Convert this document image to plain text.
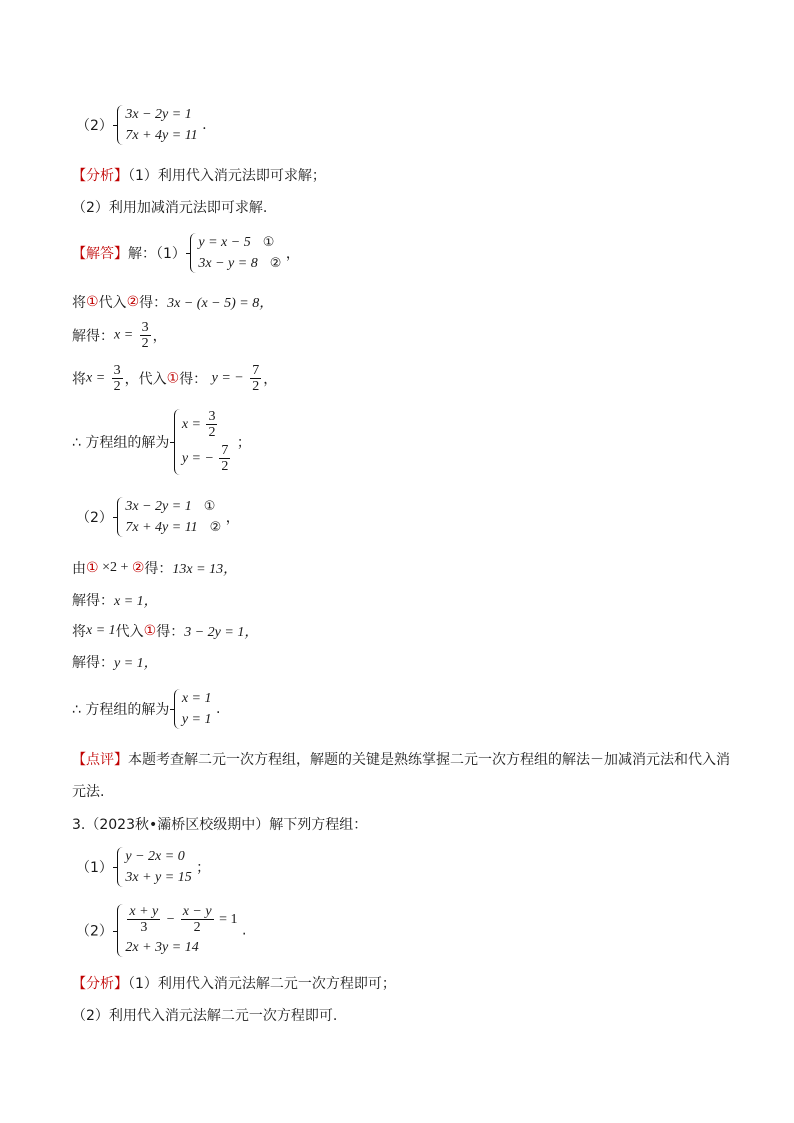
（2）
3x − 2y = 1
7x + 4y = 11
.
【分析】（1）利用代入消元法即可求解；
（2）利用加减消元法即可求解.
【解答】解：（1）
y = x − 5 ①
3x − y = 8 ②
，
将①代入②得：3x − (x − 5) = 8，
解得：$x = \frac{3}{2}$ ，
将$x = \frac{3}{2}$ ，代入①得： y = − $\frac{7}{2}$ ，
∴ 方程组的解为
$x = \frac{3}{2}$
y = − $\frac{7}{2}$
；
（2）
3x − 2y = 1 ①
7x + 4y = 11 ②
，
由① ×2 + ②得：13x = 13，
解得：x = 1，
将x = 1代入①得：3 − 2y = 1，
解得：y = 1，
∴ 方程组的解为
x = 1
y = 1
.
【点评】本题考查解二元一次方程组，解题的关键是熟练掌握二元一次方程组的解法－加减消元法和代入消
元法.
3.（2023秋•灞桥区校级期中）解下列方程组：
（1）
y − 2x = 0
3x + y = 15
；
$(2) \frac{x + y}{3} - \frac{x - y}{2} = 1$
2x + 3y = 14
.
【分析】（1）利用代入消元法解二元一次方程即可；
（2）利用代入消元法解二元一次方程即可.
